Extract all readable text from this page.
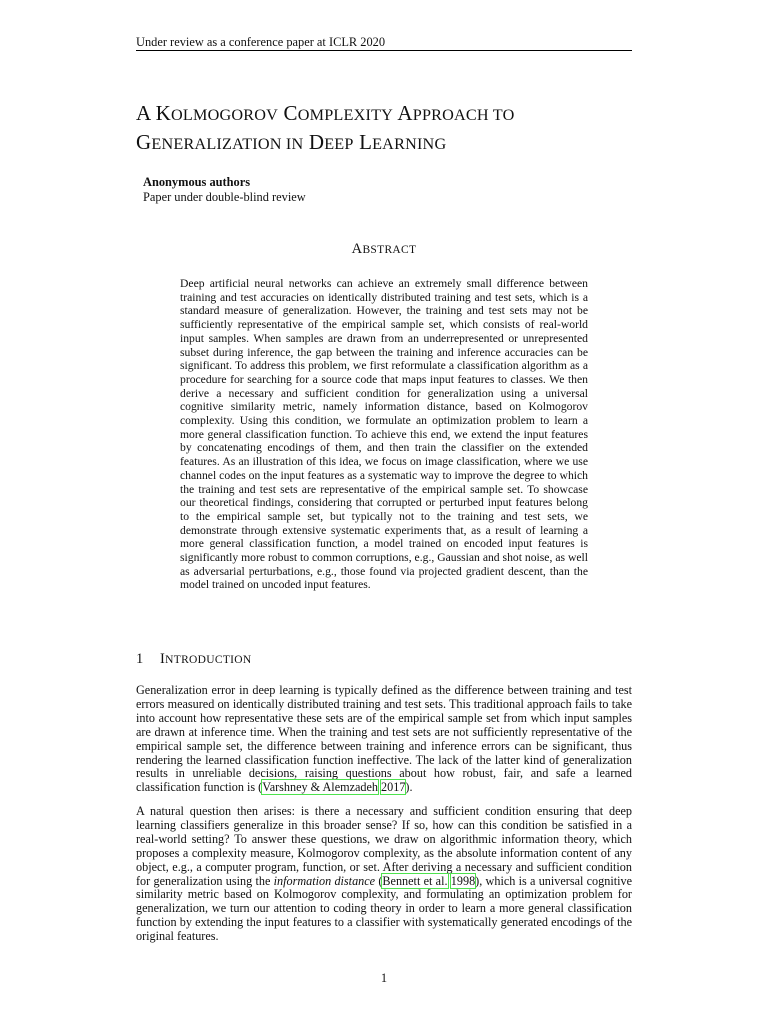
Under review as a conference paper at ICLR 2020
A KOLMOGOROV COMPLEXITY APPROACH TO
GENERALIZATION IN DEEP LEARNING
Anonymous authors
Paper under double-blind review
ABSTRACT
Deep artificial neural networks can achieve an extremely small difference between training and test accuracies on identically distributed training and test sets, which is a standard measure of generalization. However, the training and test sets may not be sufficiently representative of the empirical sample set, which consists of real-world input samples. When samples are drawn from an underrepresented or unrepresented subset during inference, the gap between the training and inference accuracies can be significant. To address this problem, we first reformulate a classification algorithm as a procedure for searching for a source code that maps input features to classes. We then derive a necessary and sufficient condition for generalization using a universal cognitive similarity metric, namely information distance, based on Kolmogorov complexity. Using this condition, we formulate an optimization problem to learn a more general classification function. To achieve this end, we extend the input features by concatenating encodings of them, and then train the classifier on the extended features. As an illustration of this idea, we focus on image classification, where we use channel codes on the input features as a systematic way to improve the degree to which the training and test sets are representative of the empirical sample set. To showcase our theoretical findings, considering that corrupted or perturbed input features belong to the empirical sample set, but typically not to the training and test sets, we demonstrate through extensive systematic experiments that, as a result of learning a more general classification function, a model trained on encoded input features is significantly more robust to common corruptions, e.g., Gaussian and shot noise, as well as adversarial perturbations, e.g., those found via projected gradient descent, than the model trained on uncoded input features.
1 INTRODUCTION
Generalization error in deep learning is typically defined as the difference between training and test errors measured on identically distributed training and test sets. This traditional approach fails to take into account how representative these sets are of the empirical sample set from which input samples are drawn at inference time. When the training and test sets are not sufficiently representative of the empirical sample set, the difference between training and inference errors can be significant, thus rendering the learned classification function ineffective. The lack of the latter kind of generalization results in unreliable decisions, raising questions about how robust, fair, and safe a learned classification function is (Varshney & Alemzadeh 2017).
A natural question then arises: is there a necessary and sufficient condition ensuring that deep learning classifiers generalize in this broader sense? If so, how can this condition be satisfied in a real-world setting? To answer these questions, we draw on algorithmic information theory, which proposes a complexity measure, Kolmogorov complexity, as the absolute information content of any object, e.g., a computer program, function, or set. After deriving a necessary and sufficient condition for generalization using the information distance (Bennett et al. 1998), which is a universal cognitive similarity metric based on Kolmogorov complexity, and formulating an optimization problem for generalization, we turn our attention to coding theory in order to learn a more general classification function by extending the input features to a classifier with systematically generated encodings of the original features.
1
